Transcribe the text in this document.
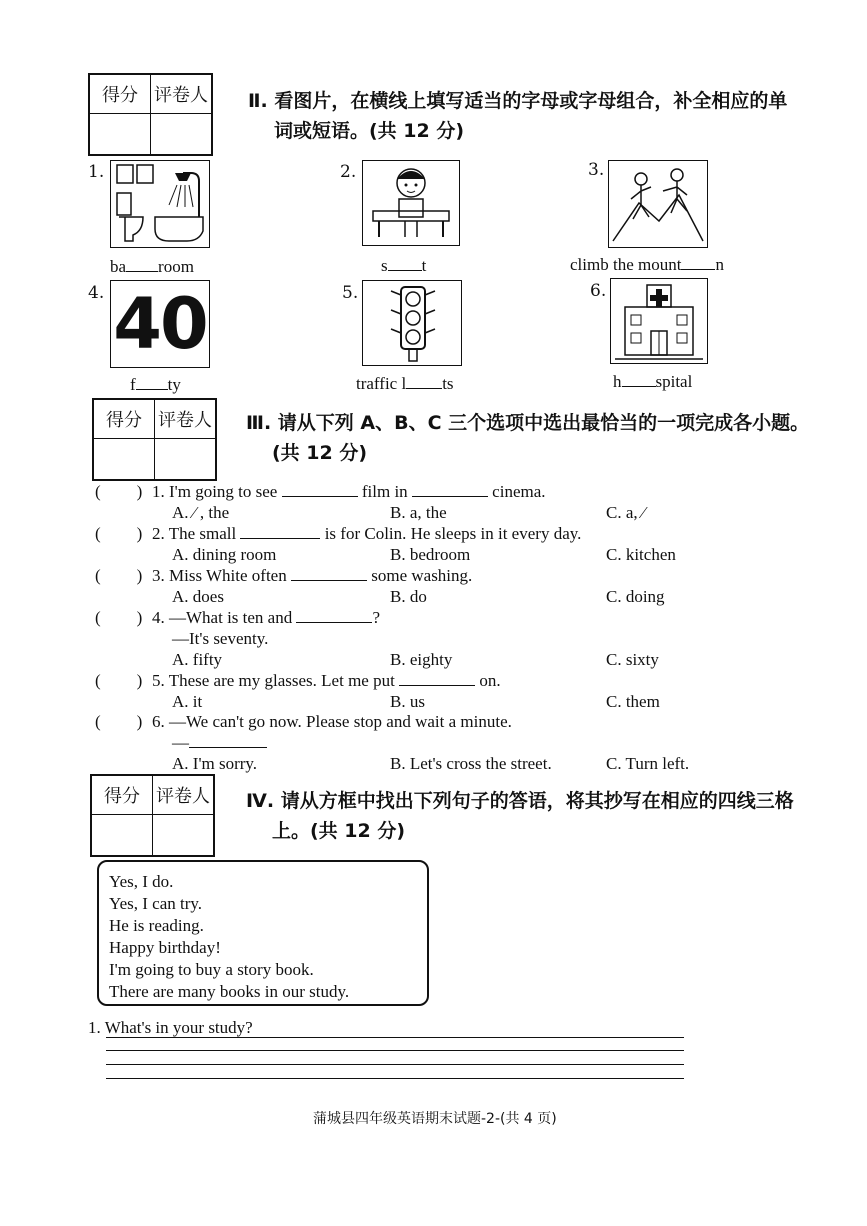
得分	评卷人
	Ⅱ. 看图片，在横线上填写适当的字母或字母组合，补全相应的单
词或短语。(共 12 分)
1.	2.	3.
ba room	s t	climb the mount n
4. 40	5.	6.
f ty	traffic l ts	h spital
得分	评卷人
	Ⅲ. 请从下列 A、B、C 三个选项中选出最恰当的一项完成各小题。
(共 12 分)
( ) 1. I'm going to see	film in	cinema.
A. ⁄ , the	B. a, the	C. a, ⁄
( ) 2. The small	is for Colin. He sleeps in it every day.
A. dining room	B. bedroom	C. kitchen
( ) 3. Miss White often	some washing.
A. does	B. do	C. doing
( ) 4. —What is ten and	?
—It's seventy.
A. fifty	B. eighty	C. sixty
( ) 5. These are my glasses. Let me put	on.
A. it	B. us	C. them
( ) 6. —We can't go now. Please stop and wait a minute.
—
A. I'm sorry.	B. Let's cross the street.	C. Turn left.
得分	评卷人
	Ⅳ. 请从方框中找出下列句子的答语，将其抄写在相应的四线三格
上。(共 12 分)
Yes, I do.
Yes, I can try.
He is reading.
Happy birthday!
I'm going to buy a story book.
There are many books in our study.
1. What's in your study?
蒲城县四年级英语期末试题-2-(共 4 页)
